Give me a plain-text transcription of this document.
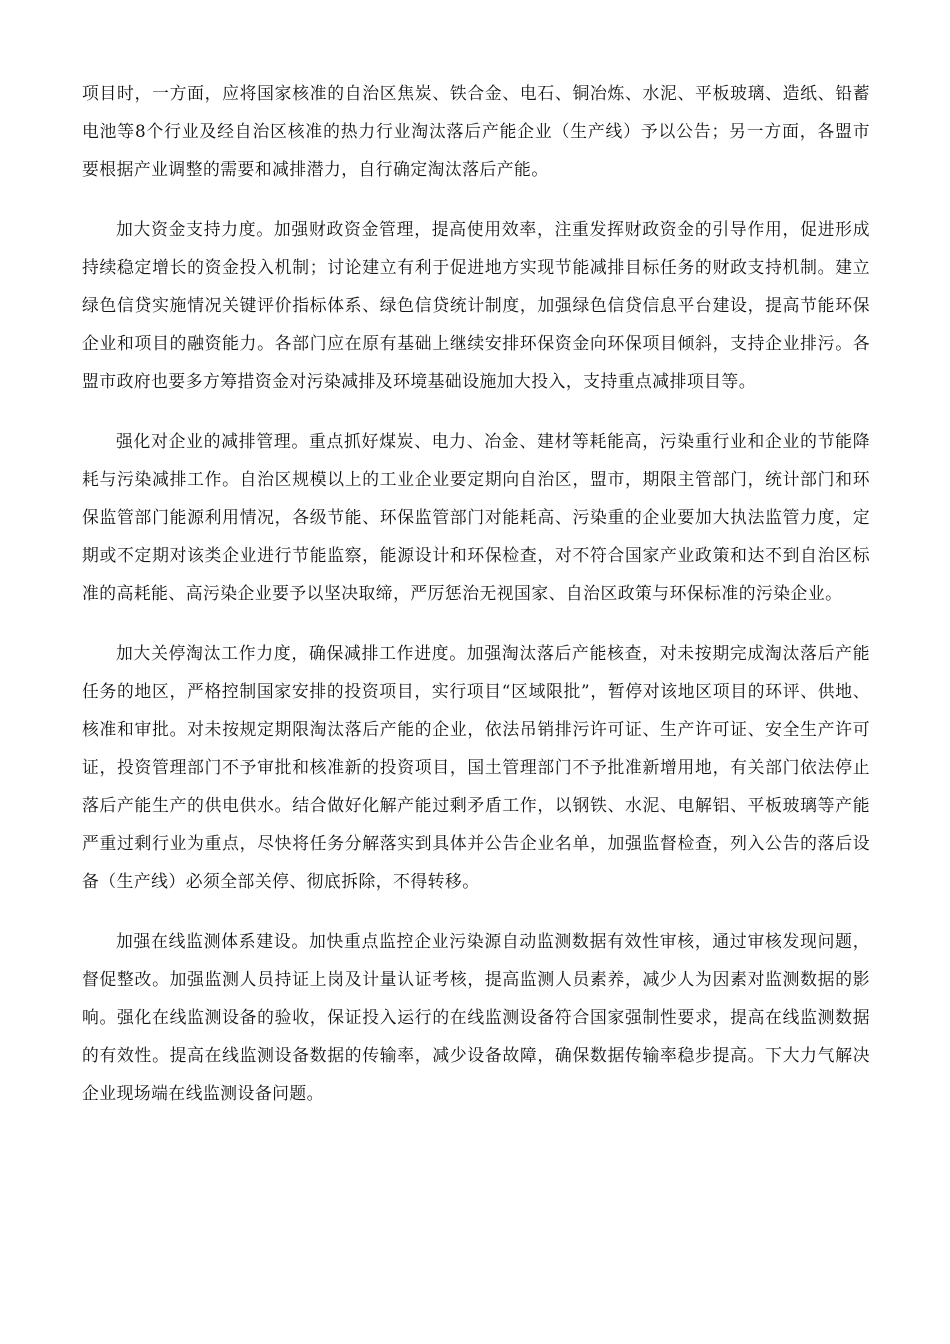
项目时，一方面，应将国家核准的自治区焦炭、铁合金、电石、铜冶炼、水泥、平板玻璃、造纸、铅蓄电池等8个行业及经自治区核准的热力行业淘汰落后产能企业（生产线）予以公告；另一方面，各盟市要根据产业调整的需要和减排潜力，自行确定淘汰落后产能。

加大资金支持力度。加强财政资金管理，提高使用效率，注重发挥财政资金的引导作用，促进形成持续稳定增长的资金投入机制；讨论建立有利于促进地方实现节能减排目标任务的财政支持机制。建立绿色信贷实施情况关键评价指标体系、绿色信贷统计制度，加强绿色信贷信息平台建设，提高节能环保企业和项目的融资能力。各部门应在原有基础上继续安排环保资金向环保项目倾斜，支持企业排污。各盟市政府也要多方筹措资金对污染减排及环境基础设施加大投入，支持重点减排项目等。

强化对企业的减排管理。重点抓好煤炭、电力、冶金、建材等耗能高，污染重行业和企业的节能降耗与污染减排工作。自治区规模以上的工业企业要定期向自治区，盟市，期限主管部门，统计部门和环保监管部门能源利用情况，各级节能、环保监管部门对能耗高、污染重的企业要加大执法监管力度，定期或不定期对该类企业进行节能监察，能源设计和环保检查，对不符合国家产业政策和达不到自治区标准的高耗能、高污染企业要予以坚决取缔，严厉惩治无视国家、自治区政策与环保标准的污染企业。

加大关停淘汰工作力度，确保减排工作进度。加强淘汰落后产能核查，对未按期完成淘汰落后产能任务的地区，严格控制国家安排的投资项目，实行项目“区域限批”，暂停对该地区项目的环评、供地、核准和审批。对未按规定期限淘汰落后产能的企业，依法吊销排污许可证、生产许可证、安全生产许可证，投资管理部门不予审批和核准新的投资项目，国土管理部门不予批准新增用地，有关部门依法停止落后产能生产的供电供水。结合做好化解产能过剩矛盾工作，以钢铁、水泥、电解铝、平板玻璃等产能严重过剩行业为重点，尽快将任务分解落实到具体并公告企业名单，加强监督检查，列入公告的落后设备（生产线）必须全部关停、彻底拆除，不得转移。

加强在线监测体系建设。加快重点监控企业污染源自动监测数据有效性审核，通过审核发现问题，督促整改。加强监测人员持证上岗及计量认证考核，提高监测人员素养，减少人为因素对监测数据的影响。强化在线监测设备的验收，保证投入运行的在线监测设备符合国家强制性要求，提高在线监测数据的有效性。提高在线监测设备数据的传输率，减少设备故障，确保数据传输率稳步提高。下大力气解决企业现场端在线监测设备问题。
